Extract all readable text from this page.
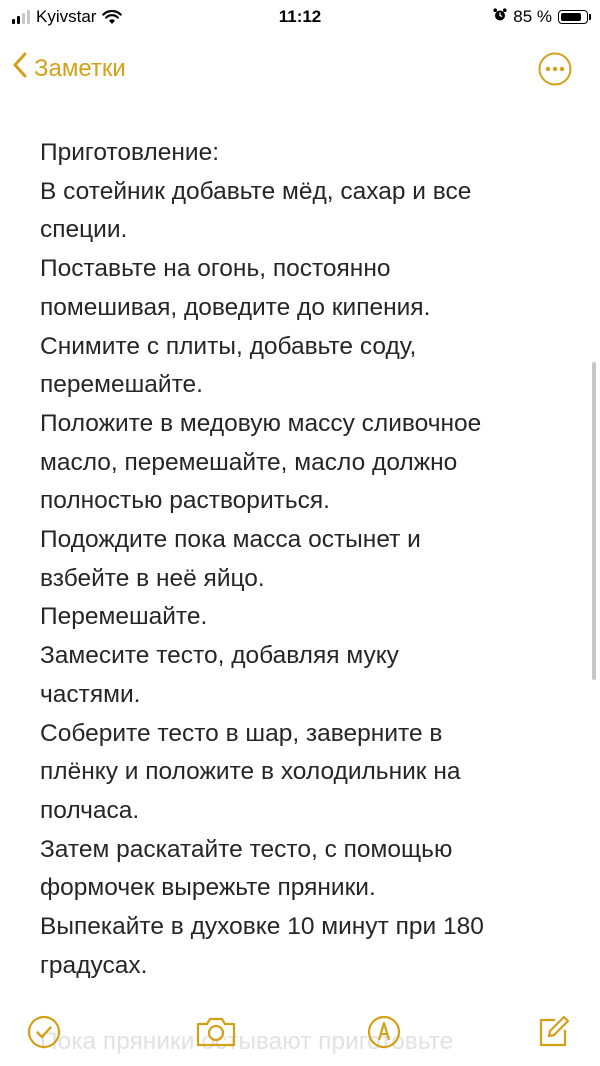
Kyivstar	11:12	85 %
Заметки

Приготовление:

В сотейник добавьте мёд, сахар и все

специи.

Поставьте на огонь, постоянно

помешивая, доведите до кипения.

Снимите с плиты, добавьте соду,

перемешайте.

Положите в медовую массу сливочное

масло, перемешайте, масло должно

полностью раствориться.

Подождите пока масса остынет и

взбейте в неё яйцо.

Перемешайте.

Замесите тесто, добавляя муку

частями.

Соберите тесто в шар, заверните в

плёнку и положите в холодильник на

полчаса.

Затем раскатайте тесто, с помощью

формочек вырежьте пряники.

Выпекайте в духовке 10 минут при 180

градусах.

Пока пряники остывают приготовьте
